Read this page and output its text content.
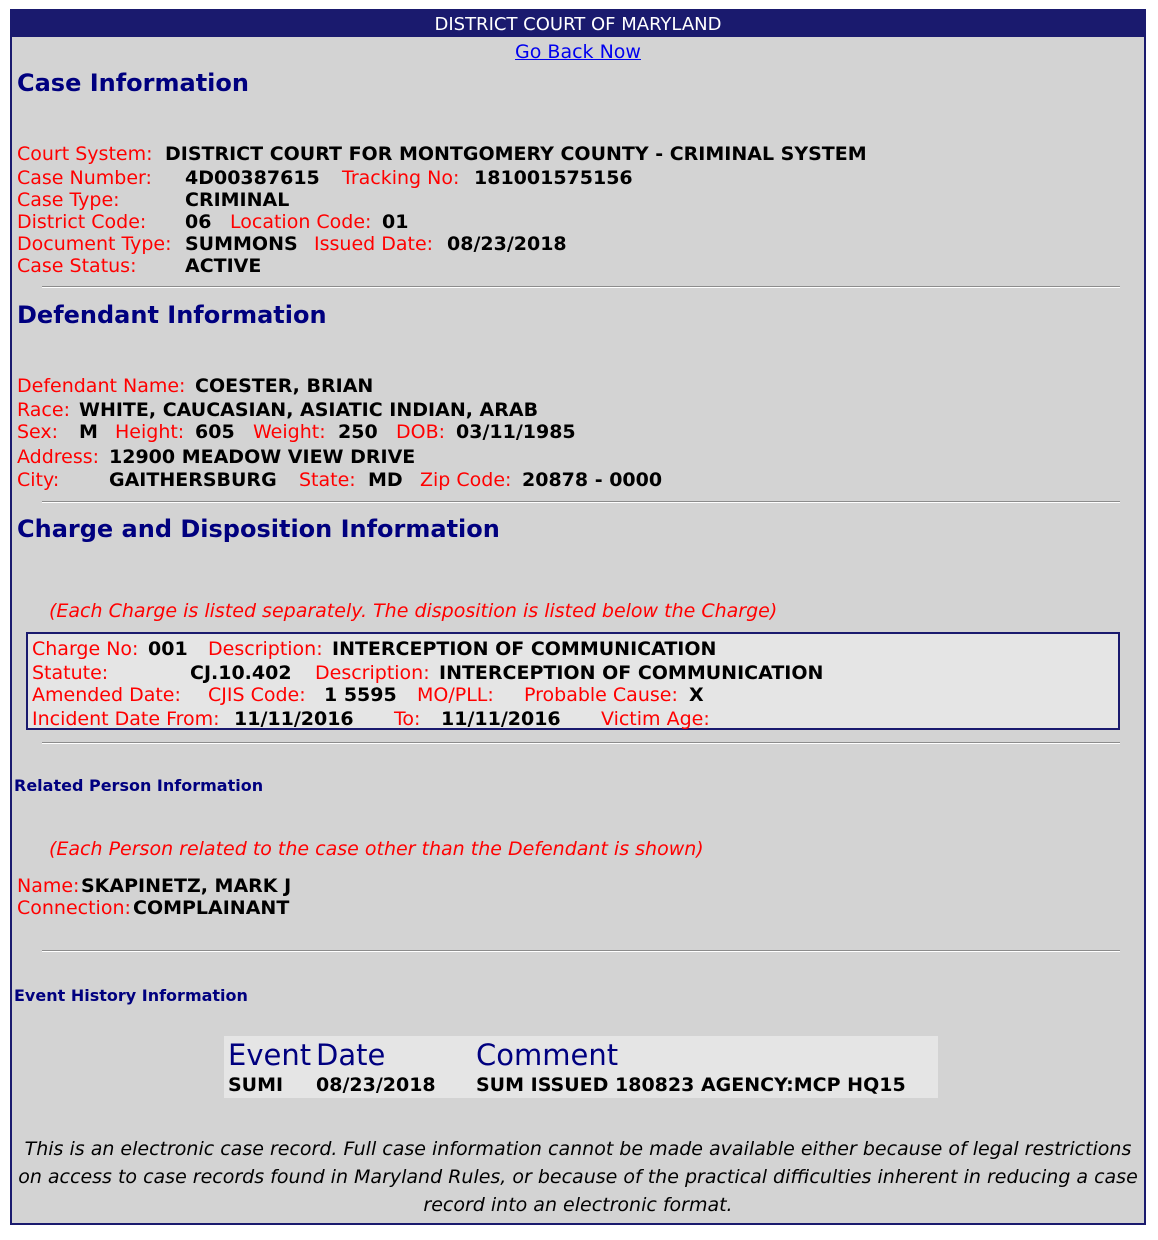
DISTRICT COURT OF MARYLAND
Go Back Now
Case Information
Court System: DISTRICT COURT FOR MONTGOMERY COUNTY - CRIMINAL SYSTEM
Case Number: 4D00387615 Tracking No: 181001575156
Case Type:	CRIMINAL
District Code: 06 Location Code: 01
Document Type: SUMMONS Issued Date: 08/23/2018
Case Status:	ACTIVE
Defendant Information
Defendant Name: COESTER, BRIAN
Race: WHITE, CAUCASIAN, ASIATIC INDIAN, ARAB
Sex: M Height: 605 Weight: 250 DOB: 03/11/1985
Address: 12900 MEADOW VIEW DRIVE
City:	GAITHERSBURG State: MD Zip Code: 20878 - 0000
Charge and Disposition Information
(Each Charge is listed separately. The disposition is listed below the Charge)
Charge No: 001 Description: INTERCEPTION OF COMMUNICATION
Statute:	CJ.10.402 Description: INTERCEPTION OF COMMUNICATION
Amended Date: CJIS Code: 1 5595 MO/PLL: Probable Cause: X
Incident Date From: 11/11/2016 To: 11/11/2016 Victim Age:
Related Person Information
(Each Person related to the case other than the Defendant is shown)
Name: SKAPINETZ, MARK J
Connection: COMPLAINANT
Event History Information
Event Date	Comment
SUMI 08/23/2018 SUM ISSUED 180823 AGENCY:MCP HQ15
This is an electronic case record. Full case information cannot be made available either because of legal restrictions
on access to case records found in Maryland Rules, or because of the practical difficulties inherent in reducing a case
record into an electronic format.
